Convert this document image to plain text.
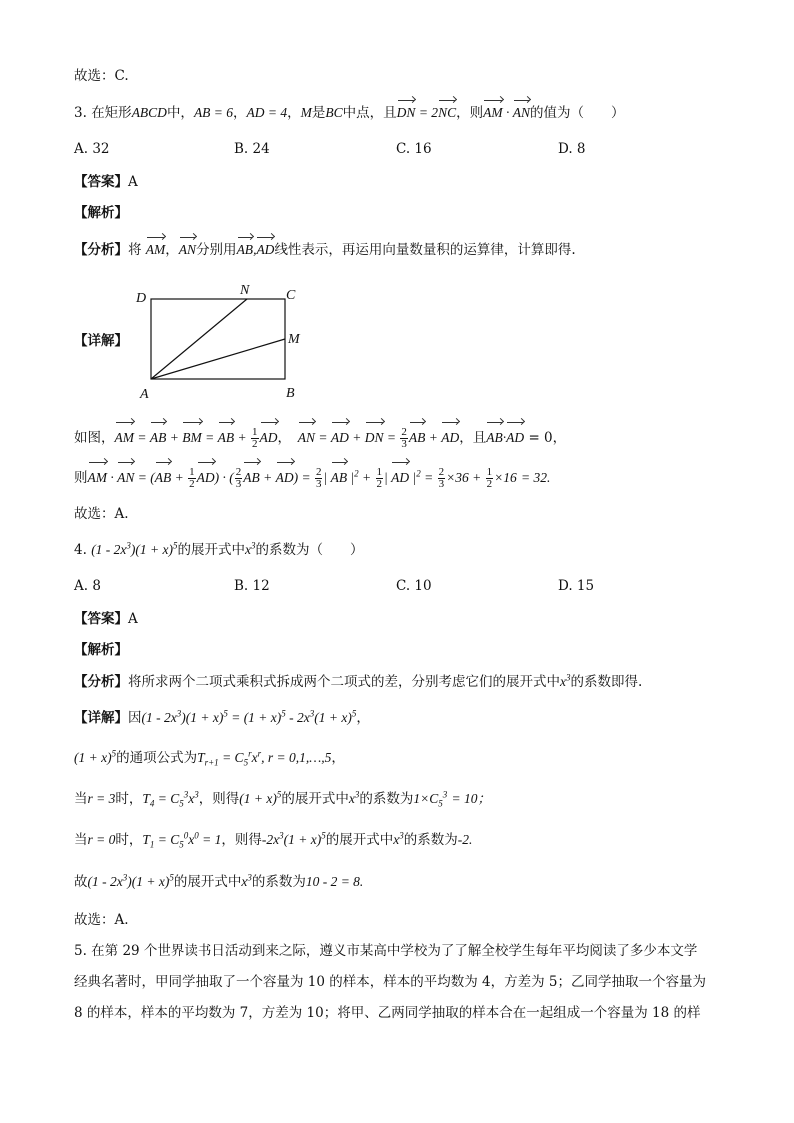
故选：C.
3. 在矩形ABCD中，AB = 6，AD = 4，M是BC中点，且DN = 2NC，则AM · AN的值为（　　）
A. 32	B. 24	C. 16	D. 8
【答案】A
【解析】
【分析】将 AM，AN分别用AB,AD线性表示，再运用向量数量积的运算律，计算即得.
【详解】
D
N	C
M
A	B
如图，AM = AB + BM = AB + $\frac{1}{2}$ AD，　AN = AD + DN = $\frac{2}{3}$ AB + AD，且AB·AD = 0，
则AM · AN = $(AB + \frac{1}{2} AD)$ · ( $\frac{2}{3}$ AB + $AD) = \frac{2}{3}$ | AB $|^2 + \frac{1}{2}$ | AD $|^2 = \frac{2}{3} \times 36 + \frac{1}{2} \times 16 = 32$.
故选：A.
4. $(1 - 2x^3)(1 + x)^5$的展开式中$x^3$的系数为（　　）
A. 8	B. 12	C. 10	D. 15
【答案】A
【解析】
【分析】将所求两个二项式乘积式拆成两个二项式的差，分别考虑它们的展开式中$x^3$的系数即得.
【详解】因$(1 - 2x^3)(1 + x)^5 = (1 + x)^5 - 2x^3(1 + x)^5$，
$(1 + x)^5$的通项公式为$T_{r+1} = C_5^rx^r$, r = 0,1,…,5，
当r = 3时，$T_4 = C_5^3x^3$，则得$(1 + x)^5$的展开式中$x^3$的系数为$1\times C_5^3 = 10$；
当r = 0时，$T_1 = C_5^0x^0 = 1$，则得$-2x^3(1 + x)^5$的展开式中$x^3$的系数为-2.
故$(1 - 2x^3)(1 + x)^5$的展开式中$x^3$的系数为10 - 2 = 8.
故选：A.
5. 在第 29 个世界读书日活动到来之际，遵义市某高中学校为了了解全校学生每年平均阅读了多少本文学
经典名著时，甲同学抽取了一个容量为 10 的样本，样本的平均数为 4，方差为 5；乙同学抽取一个容量为
8 的样本，样本的平均数为 7，方差为 10；将甲、乙两同学抽取的样本合在一起组成一个容量为 18 的样
